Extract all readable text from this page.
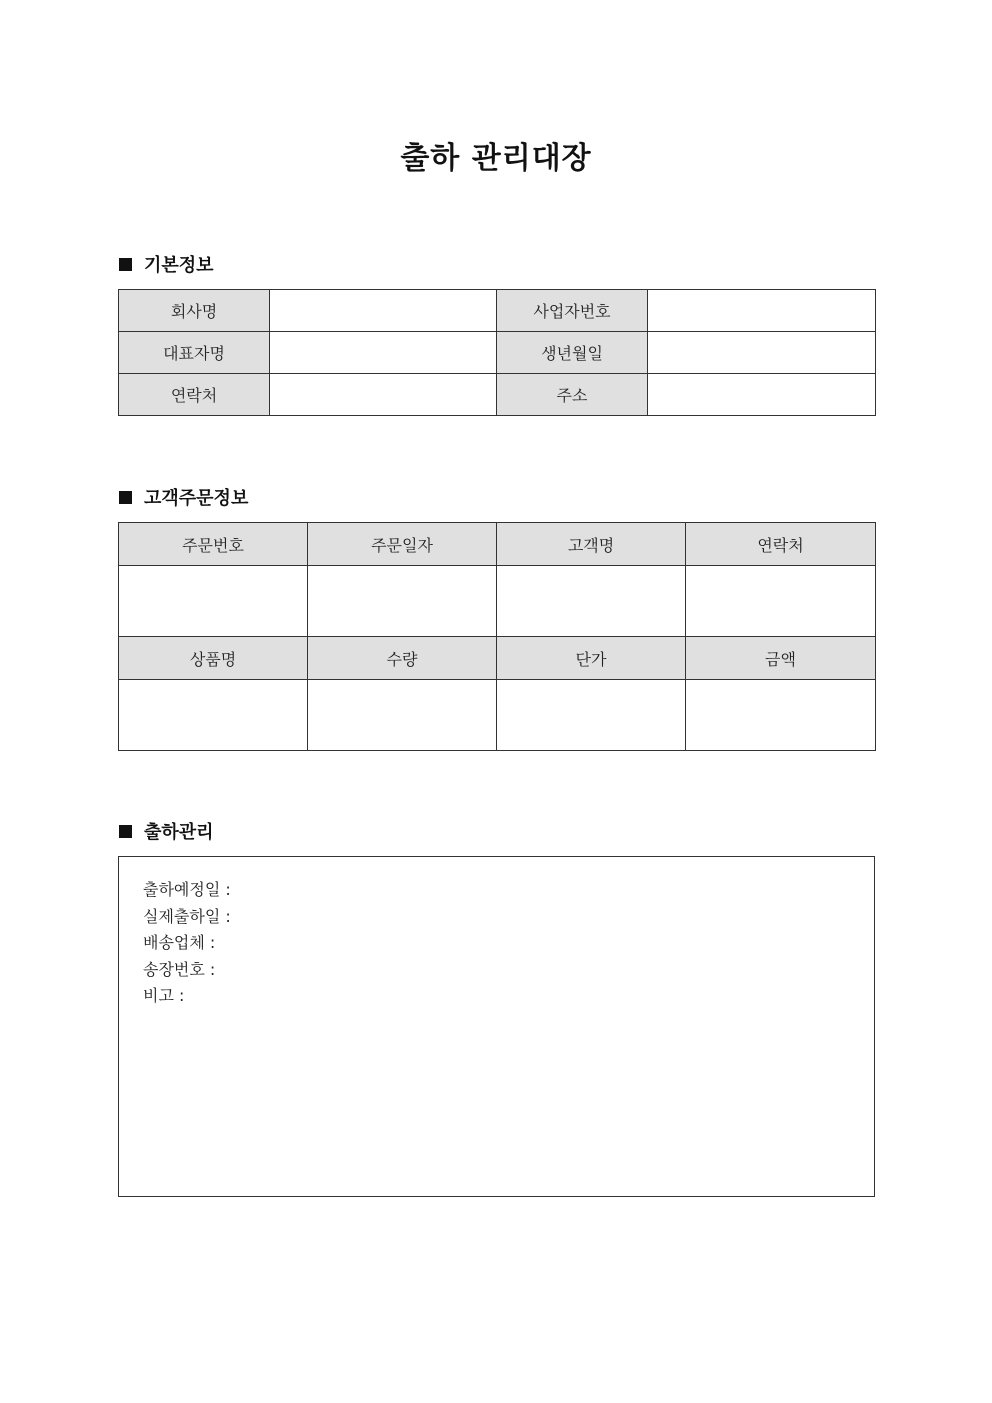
출하 관리대장
기본정보
회사명		사업자번호	
대표자명		생년월일	
연락처		주소	
고객주문정보
주문번호	주문일자	고객명	연락처

상품명	수량	단가	금액

출하관리
출하예정일 :
실제출하일 :
배송업체 :
송장번호 :
비고 :
